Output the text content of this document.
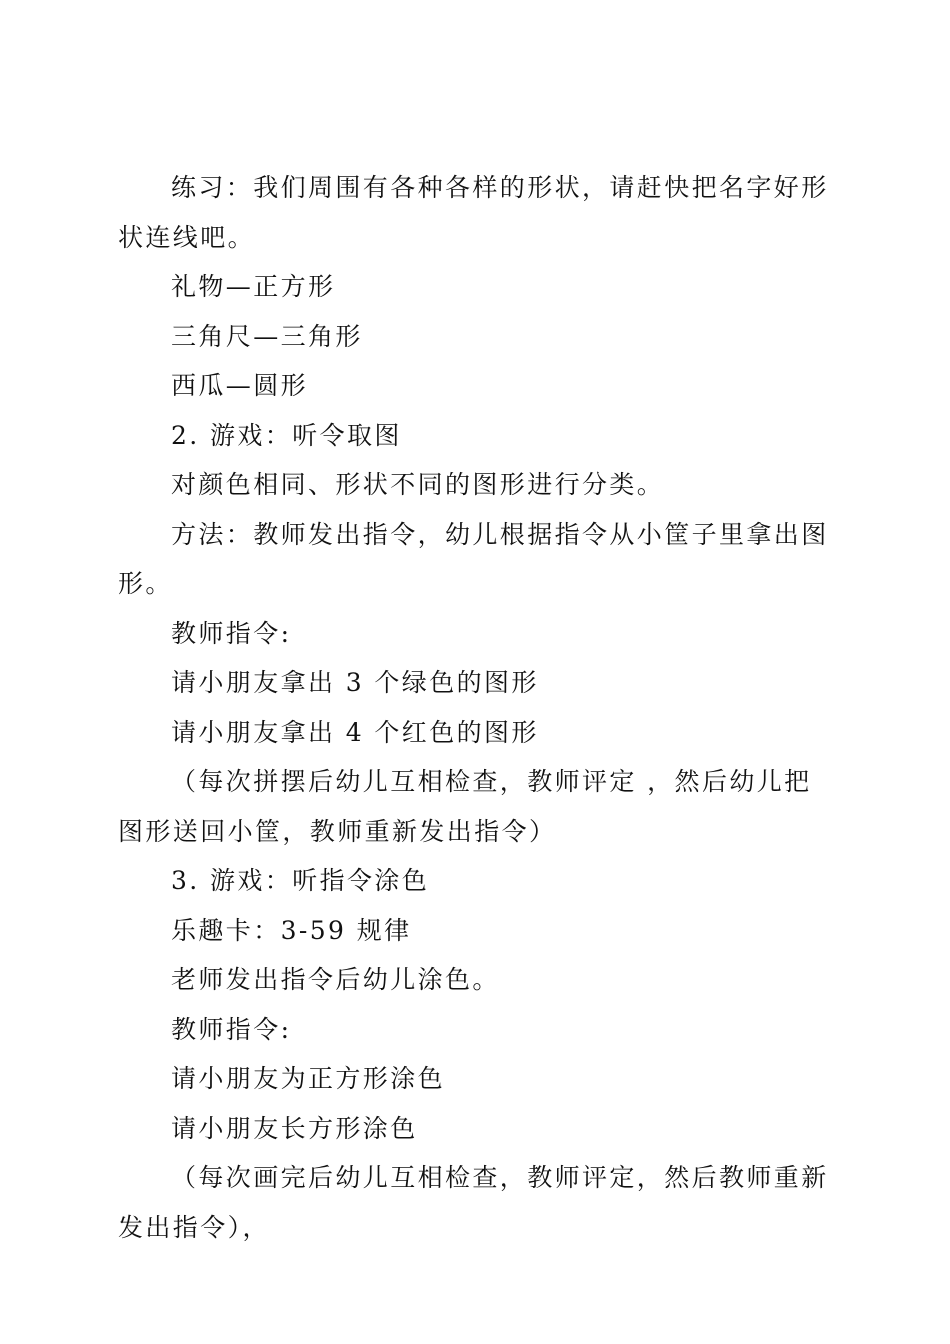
练习：我们周围有各种各样的形状，请赶快把名字好形状连线吧。

礼物—正方形

三角尺—三角形

西瓜—圆形

2. 游戏：听令取图

对颜色相同、形状不同的图形进行分类。

方法：教师发出指令，幼儿根据指令从小筐子里拿出图形。

教师指令:

请小朋友拿出 3 个绿色的图形

请小朋友拿出 4 个红色的图形

（每次拼摆后幼儿互相检查，教师评定 ，然后幼儿把图形送回小筐，教师重新发出指令）

3. 游戏：听指令涂色

乐趣卡：3-59 规律

老师发出指令后幼儿涂色。

教师指令:

请小朋友为正方形涂色

请小朋友长方形涂色

（每次画完后幼儿互相检查，教师评定，然后教师重新发出指令），
